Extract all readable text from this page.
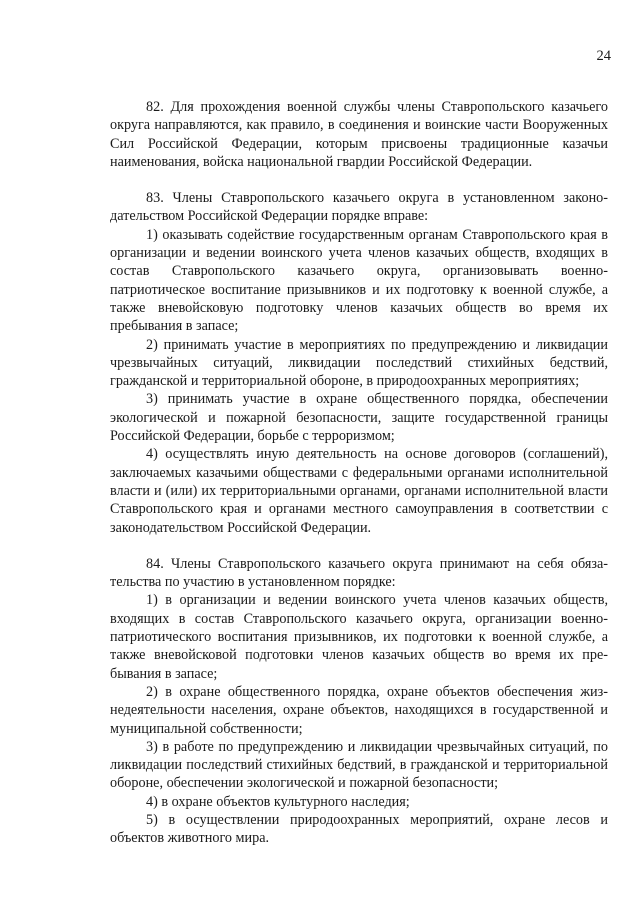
24

82. Для прохождения военной службы члены Ставропольского казачьего округа направляются, как правило, в соединения и воинские части Вооруженных Сил Российской Федерации, которым присвоены традиционные казачьи наименования, войска национальной гвардии Российской Федерации.

83. Члены Ставропольского казачьего округа в установленном законодательством Российской Федерации порядке вправе:

1) оказывать содействие государственным органам Ставропольского края в организации и ведении воинского учета членов казачьих обществ, входящих в состав Ставропольского казачьего округа, организовывать военно-патриотическое воспитание призывников и их подготовку к военной службе, а также вневойсковую подготовку членов казачьих обществ во время их пребывания в запасе;

2) принимать участие в мероприятиях по предупреждению и ликвидации чрезвычайных ситуаций, ликвидации последствий стихийных бедствий, гражданской и территориальной обороне, в природоохранных мероприятиях;

3) принимать участие в охране общественного порядка, обеспечении экологической и пожарной безопасности, защите государственной границы Российской Федерации, борьбе с терроризмом;

4) осуществлять иную деятельность на основе договоров (соглашений), заключаемых казачьими обществами с федеральными органами исполнительной власти и (или) их территориальными органами, органами исполнительной власти Ставропольского края и органами местного самоуправления в соответствии с законодательством Российской Федерации.

84. Члены Ставропольского казачьего округа принимают на себя обязательства по участию в установленном порядке:

1) в организации и ведении воинского учета членов казачьих обществ, входящих в состав Ставропольского казачьего округа, организации военно-патриотического воспитания призывников, их подготовки к военной службе, а также вневойсковой подготовки членов казачьих обществ во время их пребывания в запасе;

2) в охране общественного порядка, охране объектов обеспечения жизнедеятельности населения, охране объектов, находящихся в государственной и муниципальной собственности;

3) в работе по предупреждению и ликвидации чрезвычайных ситуаций, по ликвидации последствий стихийных бедствий, в гражданской и территориальной обороне, обеспечении экологической и пожарной безопасности;

4) в охране объектов культурного наследия;

5) в осуществлении природоохранных мероприятий, охране лесов и объектов животного мира.
